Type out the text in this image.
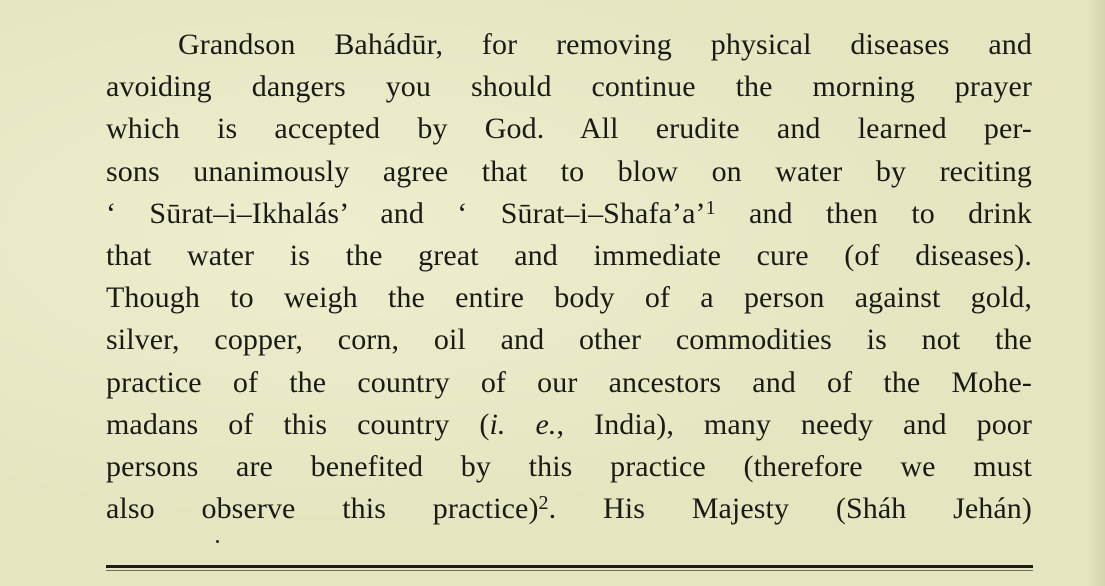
Grandson Bahádūr, for removing physical diseases and
avoiding dangers you should continue the morning prayer
which is accepted by God. All erudite and learned per-
sons unanimously agree that to blow on water by reciting
‘ Sūrat–i–Ikhalás’ and ‘ Sūrat–i–Shafa’a’$^1$ and then to drink
that water is the great and immediate cure (of diseases).
Though to weigh the entire body of a person against gold,
silver, copper, corn, oil and other commodities is not the
practice of the country of our ancestors and of the Mohe-
madans of this country (i. e., India), many needy and poor
persons are benefited by this practice (therefore we must
also observe this practice)$^2$. His Majesty (Sháh Jehán)
